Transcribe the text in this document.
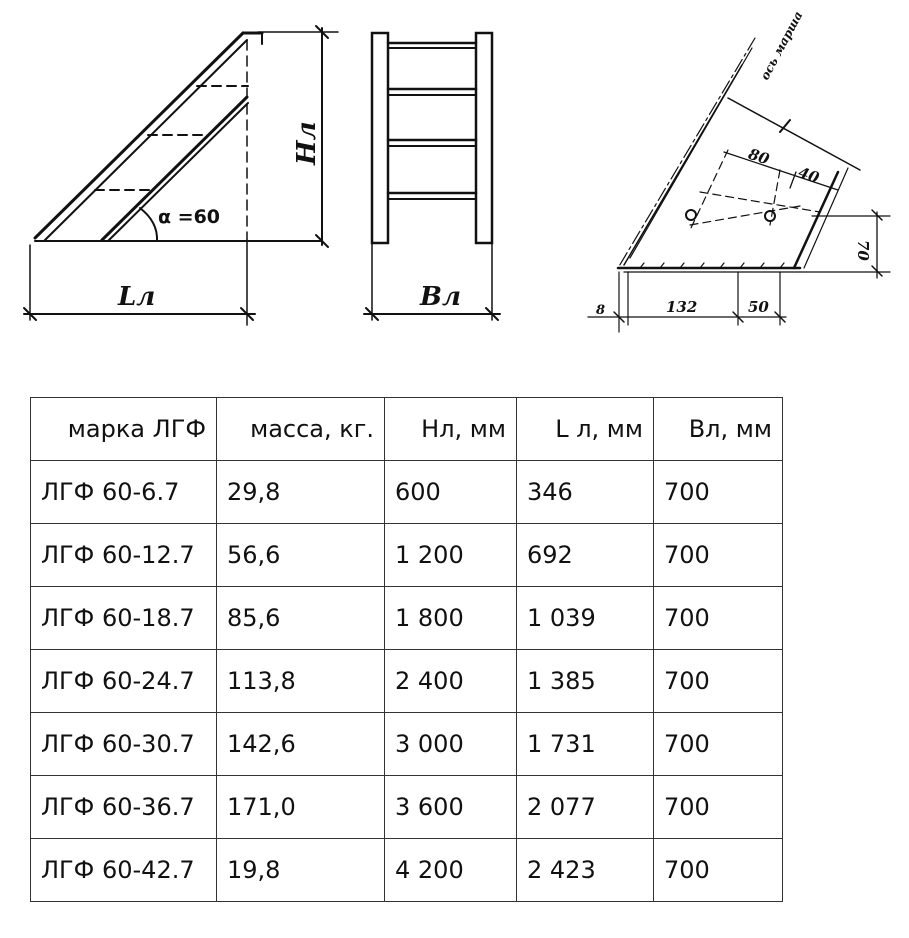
Hл
Lл	Вл
α =60
ось марша
80
40
70
132	50
8
марка ЛГФ	масса, кг.	Нл, мм	L л, мм	Вл, мм
ЛГФ 60-6.7	29,8	600	346	700
ЛГФ 60-12.7	56,6	1 200	692	700
ЛГФ 60-18.7	85,6	1 800	1 039	700
ЛГФ 60-24.7	113,8	2 400	1 385	700
ЛГФ 60-30.7	142,6	3 000	1 731	700
ЛГФ 60-36.7	171,0	3 600	2 077	700
ЛГФ 60-42.7	19,8	4 200	2 423	700
